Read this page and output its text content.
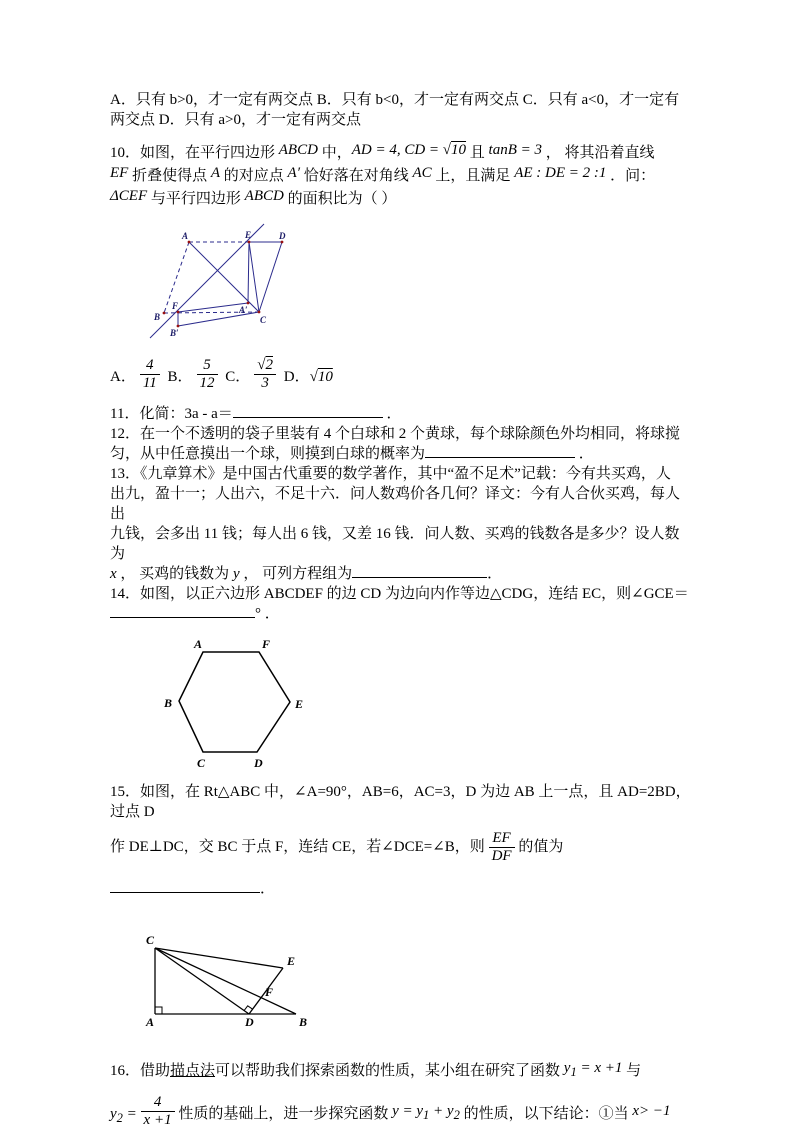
A．只有 b>0，才一定有两交点 B．只有 b<0，才一定有两交点 C．只有 a<0，才一定有
两交点 D．只有 a>0，才一定有两交点
10．如图，在平行四边形 ABCD 中，AD = 4, CD = √10 且 tanB = 3 ， 将其沿着直线
EF 折叠使得点 A 的对应点 A′ 恰好落在对角线 AC 上，且满足 AE : DE = 2 :1 ．问：
ΔCEF 与平行四边形 ABCD 的面积比为（ ）
A	E	D
B
F	A′
C
B′
A． $\frac{4}{11}$ B． $\frac{5}{12}$ C． $\frac{√2}{3}$ D．√10
11．化简：3a - a＝	．
12．在一个不透明的袋子里装有 4 个白球和 2 个黄球，每个球除颜色外均相同，将球搅
匀，从中任意摸出一个球，则摸到白球的概率为	．
13．《九章算术》是中国古代重要的数学著作，其中“盈不足术”记载：今有共买鸡，人
出九，盈十一；人出六，不足十六．问人数鸡价各几何？译文：今有人合伙买鸡，每人出
九钱，会多出 11 钱；每人出 6 钱，又差 16 钱．问人数、买鸡的钱数各是多少？设人数为
x ， 买鸡的钱数为 y ， 可列方程组为	．
14．如图，以正六边形 ABCDEF 的边 CD 为边向内作等边△CDG，连结 EC，则∠GCE＝
° ．
A	F
B	E
C	D
15．如图，在 Rt△ABC 中，∠A=90°，AB=6，AC=3，D 为边 AB 上一点，且 AD=2BD，过点 D
作 DE⊥DC，交 BC 于点 F，连结 CE，若∠DCE=∠B，则 $\frac{EF}{DF}$ 的值为．
C
A	D	B
E
F
16．借助描点法可以帮助我们探索函数的性质，某小组在研究了函数 $y_1 = x +1$ 与
$y_2 = \frac{4}{x +1}$ 性质的基础上，进一步探究函数 $y = y_1 + y_2$ 的性质，以下结论：①当 x> −1
